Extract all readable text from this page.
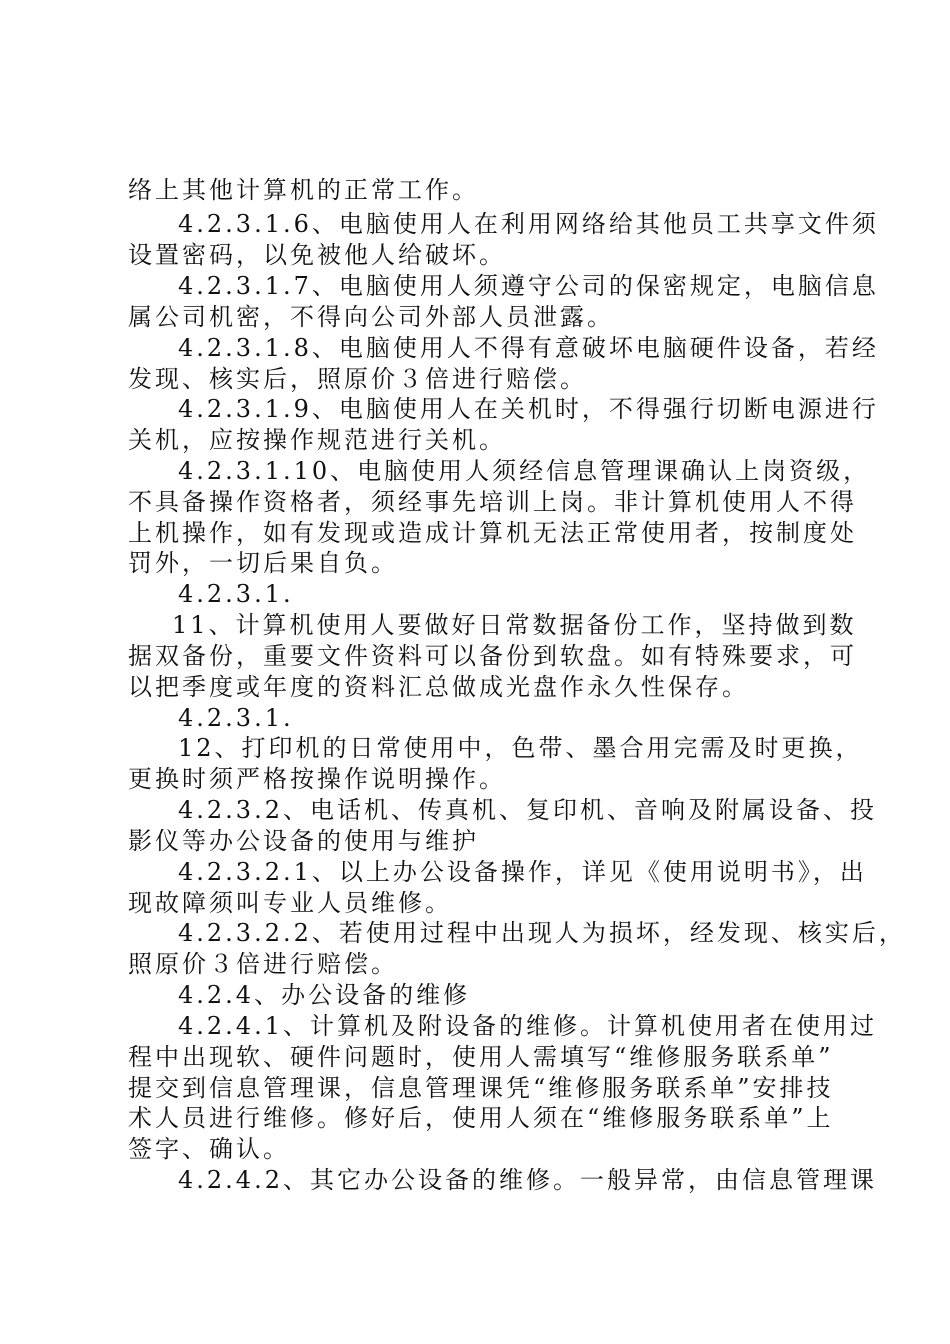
络上其他计算机的正常工作。
4.2.3.1.6、电脑使用人在利用网络给其他员工共享文件须
设置密码，以免被他人给破坏。
4.2.3.1.7、电脑使用人须遵守公司的保密规定，电脑信息
属公司机密，不得向公司外部人员泄露。
4.2.3.1.8、电脑使用人不得有意破坏电脑硬件设备，若经
发现、核实后，照原价３倍进行赔偿。
4.2.3.1.9、电脑使用人在关机时，不得强行切断电源进行
关机，应按操作规范进行关机。
4.2.3.1.10、电脑使用人须经信息管理课确认上岗资级，
不具备操作资格者，须经事先培训上岗。非计算机使用人不得
上机操作，如有发现或造成计算机无法正常使用者，按制度处
罚外，一切后果自负。
4.2.3.1.
11、计算机使用人要做好日常数据备份工作，坚持做到数
据双备份，重要文件资料可以备份到软盘。如有特殊要求，可
以把季度或年度的资料汇总做成光盘作永久性保存。
4.2.3.1.
12、打印机的日常使用中，色带、墨合用完需及时更换，
更换时须严格按操作说明操作。
4.2.3.2、电话机、传真机、复印机、音响及附属设备、投
影仪等办公设备的使用与维护
4.2.3.2.1、以上办公设备操作，详见《使用说明书》，出
现故障须叫专业人员维修。
4.2.3.2.2、若使用过程中出现人为损坏，经发现、核实后，
照原价３倍进行赔偿。
4.2.4、办公设备的维修
4.2.4.1、计算机及附设备的维修。计算机使用者在使用过
程中出现软、硬件问题时，使用人需填写“维修服务联系单”
提交到信息管理课，信息管理课凭“维修服务联系单”安排技
术人员进行维修。修好后，使用人须在“维修服务联系单”上
签字、确认。
4.2.4.2、其它办公设备的维修。一般异常，由信息管理课
